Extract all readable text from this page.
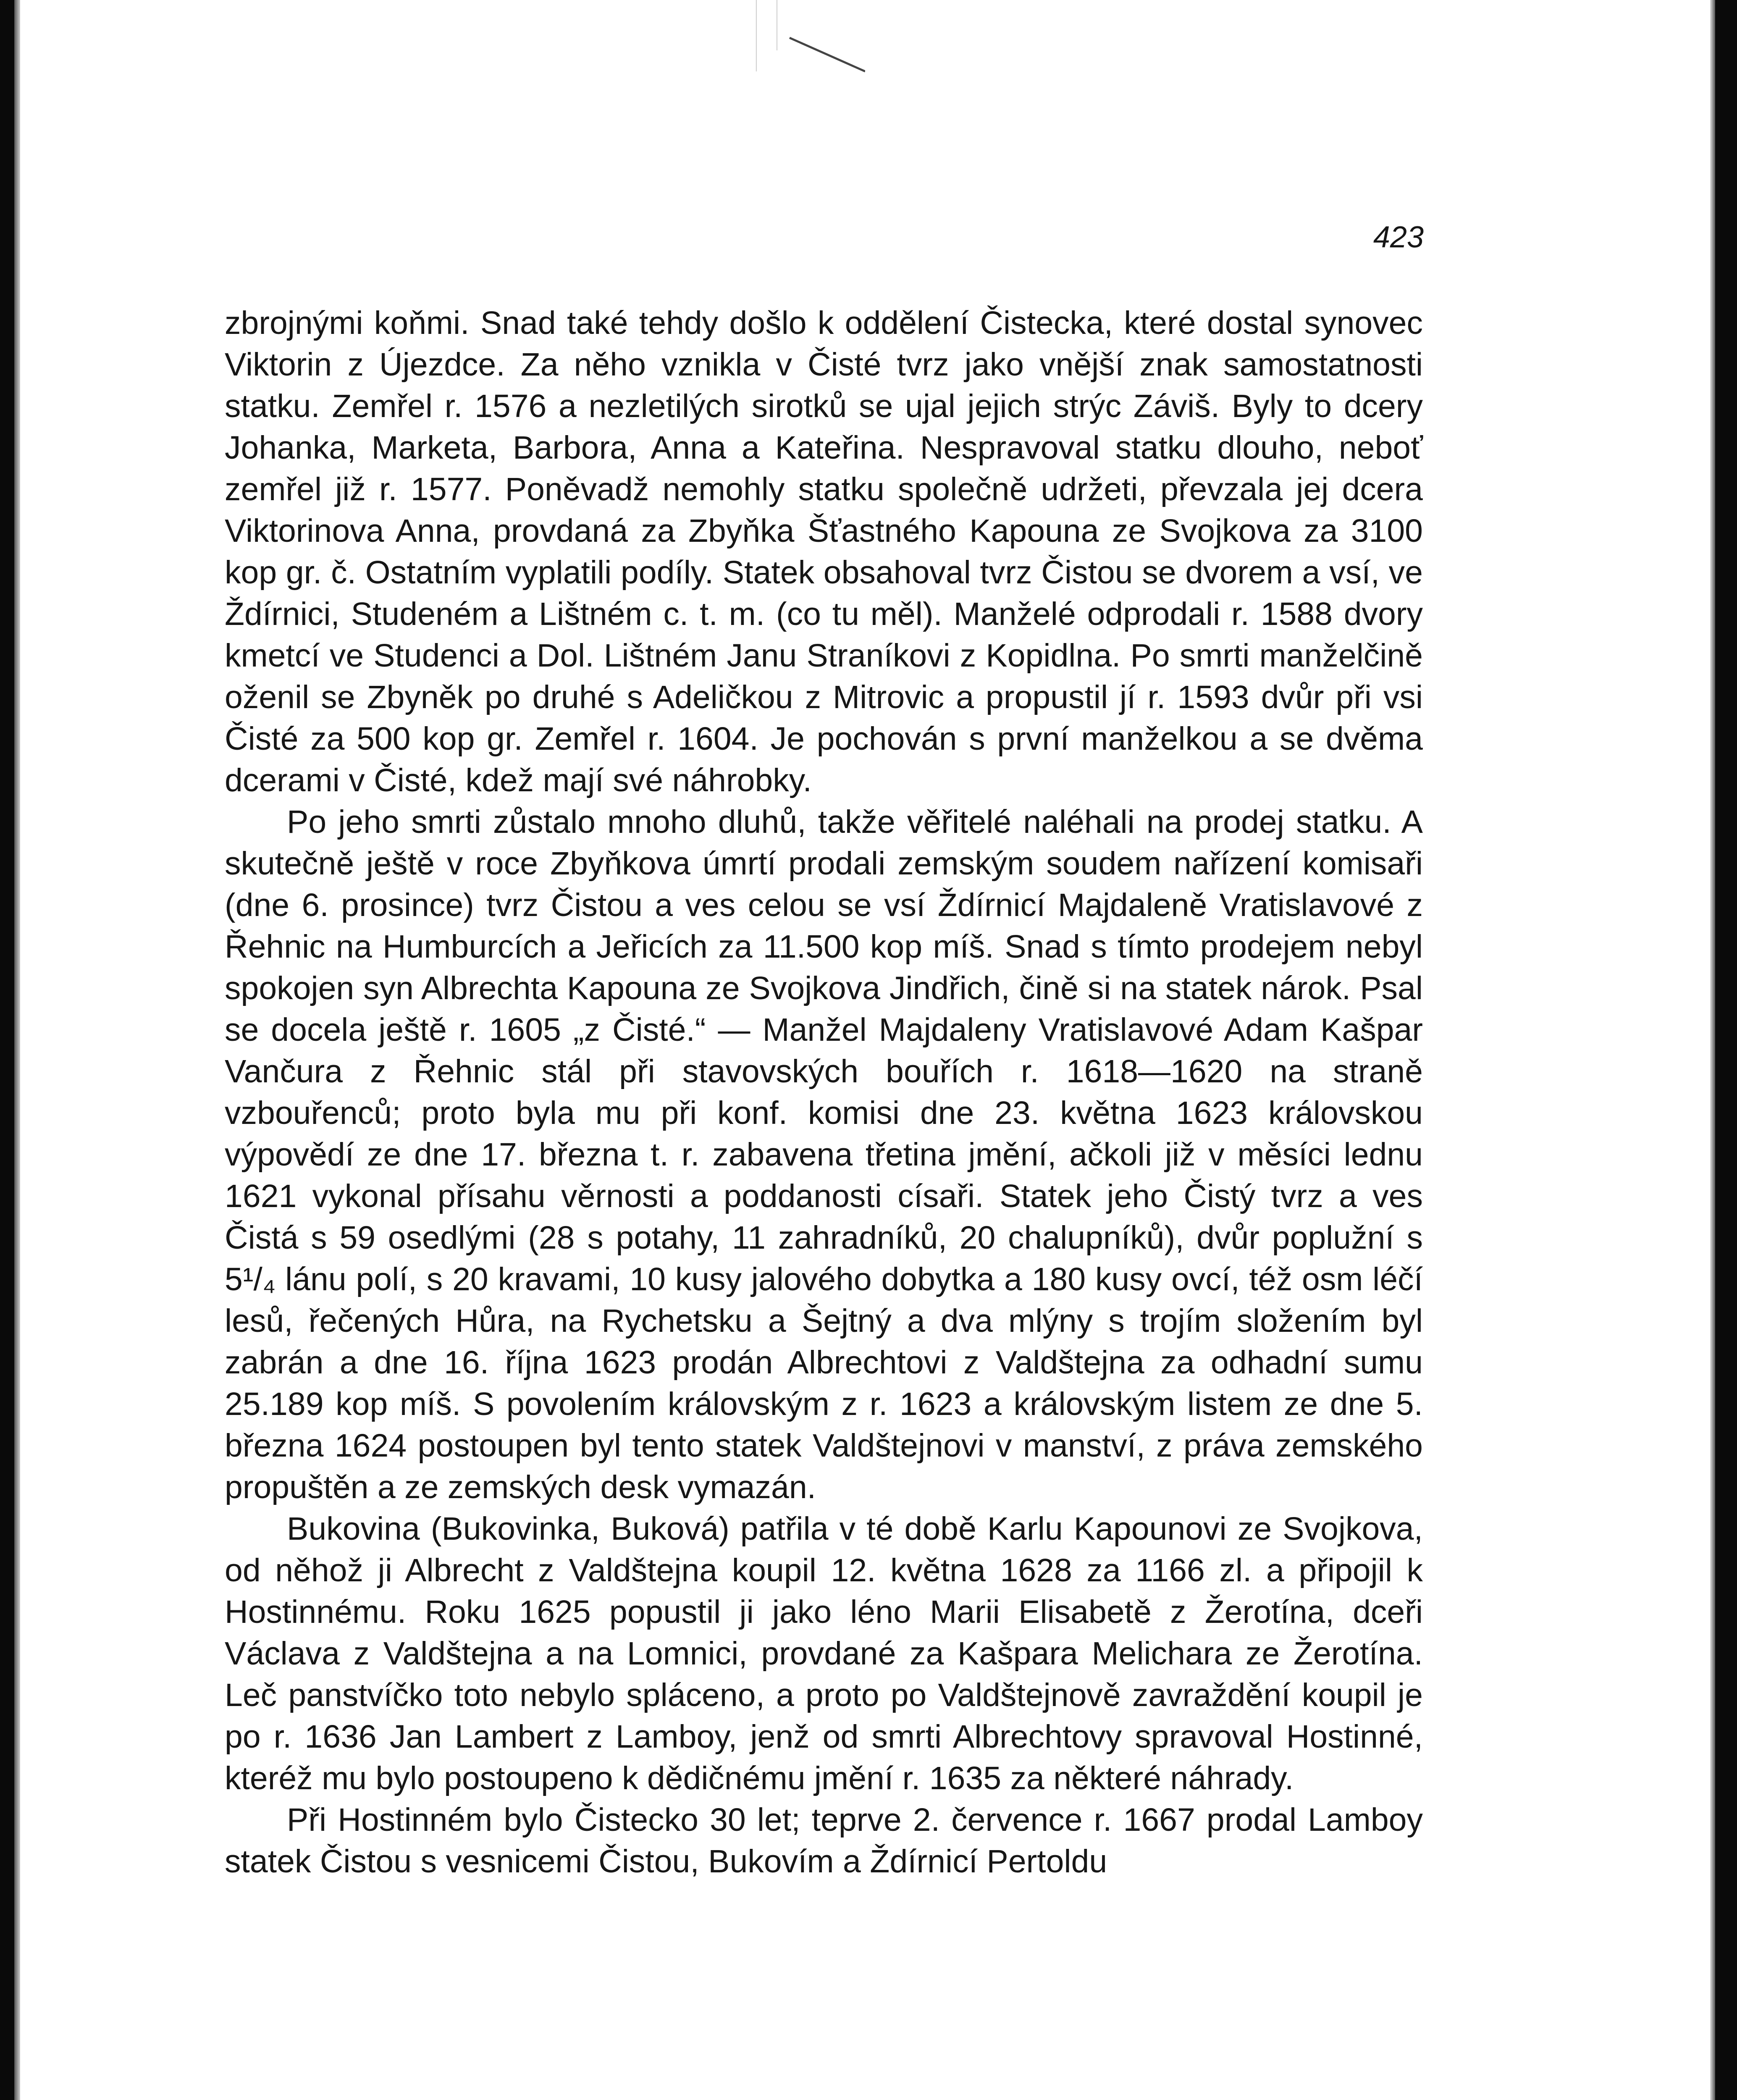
423

zbrojnými koňmi. Snad také tehdy došlo k oddělení Čistecka, které dostal synovec Viktorin z Újezdce. Za něho vznikla v Čisté tvrz jako vnější znak samostatnosti statku. Zemřel r. 1576 a nezletilých sirotků se ujal jejich strýc Záviš. Byly to dcery Johanka, Marketa, Barbora, Anna a Kateřina. Nespravoval statku dlouho, neboť zemřel již r. 1577. Poněvadž nemohly statku společně udržeti, převzala jej dcera Viktorinova Anna, provdaná za Zbyňka Šťastného Kapouna ze Svojkova za 3100 kop gr. č. Ostatním vyplatili podíly. Statek obsahoval tvrz Čistou se dvorem a vsí, ve Ždírnici, Studeném a Lištném c. t. m. (co tu měl). Manželé odprodali r. 1588 dvory kmetcí ve Studenci a Dol. Lištném Janu Straníkovi z Kopidlna. Po smrti manželčině oženil se Zbyněk po druhé s Adeličkou z Mitrovic a propustil jí r. 1593 dvůr při vsi Čisté za 500 kop gr. Zemřel r. 1604. Je pochován s první manželkou a se dvěma dcerami v Čisté, kdež mají své náhrobky.

Po jeho smrti zůstalo mnoho dluhů, takže věřitelé naléhali na prodej statku. A skutečně ještě v roce Zbyňkova úmrtí prodali zemským soudem nařízení komisaři (dne 6. prosince) tvrz Čistou a ves celou se vsí Ždírnicí Majdaleně Vratislavové z Řehnic na Humburcích a Jeřicích za 11.500 kop míš. Snad s tímto prodejem nebyl spokojen syn Albrechta Kapouna ze Svojkova Jindřich, čině si na statek nárok. Psal se docela ještě r. 1605 „z Čisté.“ — Manžel Majdaleny Vratislavové Adam Kašpar Vančura z Řehnic stál při stavovských bouřích r. 1618—1620 na straně vzbouřenců; proto byla mu při konf. komisi dne 23. května 1623 královskou výpovědí ze dne 17. března t. r. zabavena třetina jmění, ačkoli již v měsíci lednu 1621 vykonal přísahu věrnosti a poddanosti císaři. Statek jeho Čistý tvrz a ves Čistá s 59 osedlými (28 s potahy, 11 zahradníků, 20 chalupníků), dvůr poplužní s 5¹/₄ lánu polí, s 20 kravami, 10 kusy jalového dobytka a 180 kusy ovcí, též osm léčí lesů, řečených Hůra, na Rychetsku a Šejtný a dva mlýny s trojím složením byl zabrán a dne 16. října 1623 prodán Albrechtovi z Valdštejna za odhadní sumu 25.189 kop míš. S povolením královským z r. 1623 a královským listem ze dne 5. března 1624 postoupen byl tento statek Valdštejnovi v manství, z práva zemského propuštěn a ze zemských desk vymazán.

Bukovina (Bukovinka, Buková) patřila v té době Karlu Kapounovi ze Svojkova, od něhož ji Albrecht z Valdštejna koupil 12. května 1628 za 1166 zl. a připojil k Hostinnému. Roku 1625 popustil ji jako léno Marii Elisabetě z Žerotína, dceři Václava z Valdštejna a na Lomnici, provdané za Kašpara Melichara ze Žerotína. Leč panstvíčko toto nebylo spláceno, a proto po Valdštejnově zavraždění koupil je po r. 1636 Jan Lambert z Lamboy, jenž od smrti Albrechtovy spravoval Hostinné, kteréž mu bylo postoupeno k dědičnému jmění r. 1635 za některé náhrady.

Při Hostinném bylo Čistecko 30 let; teprve 2. července r. 1667 prodal Lamboy statek Čistou s vesnicemi Čistou, Bukovím a Ždírnicí Pertoldu
